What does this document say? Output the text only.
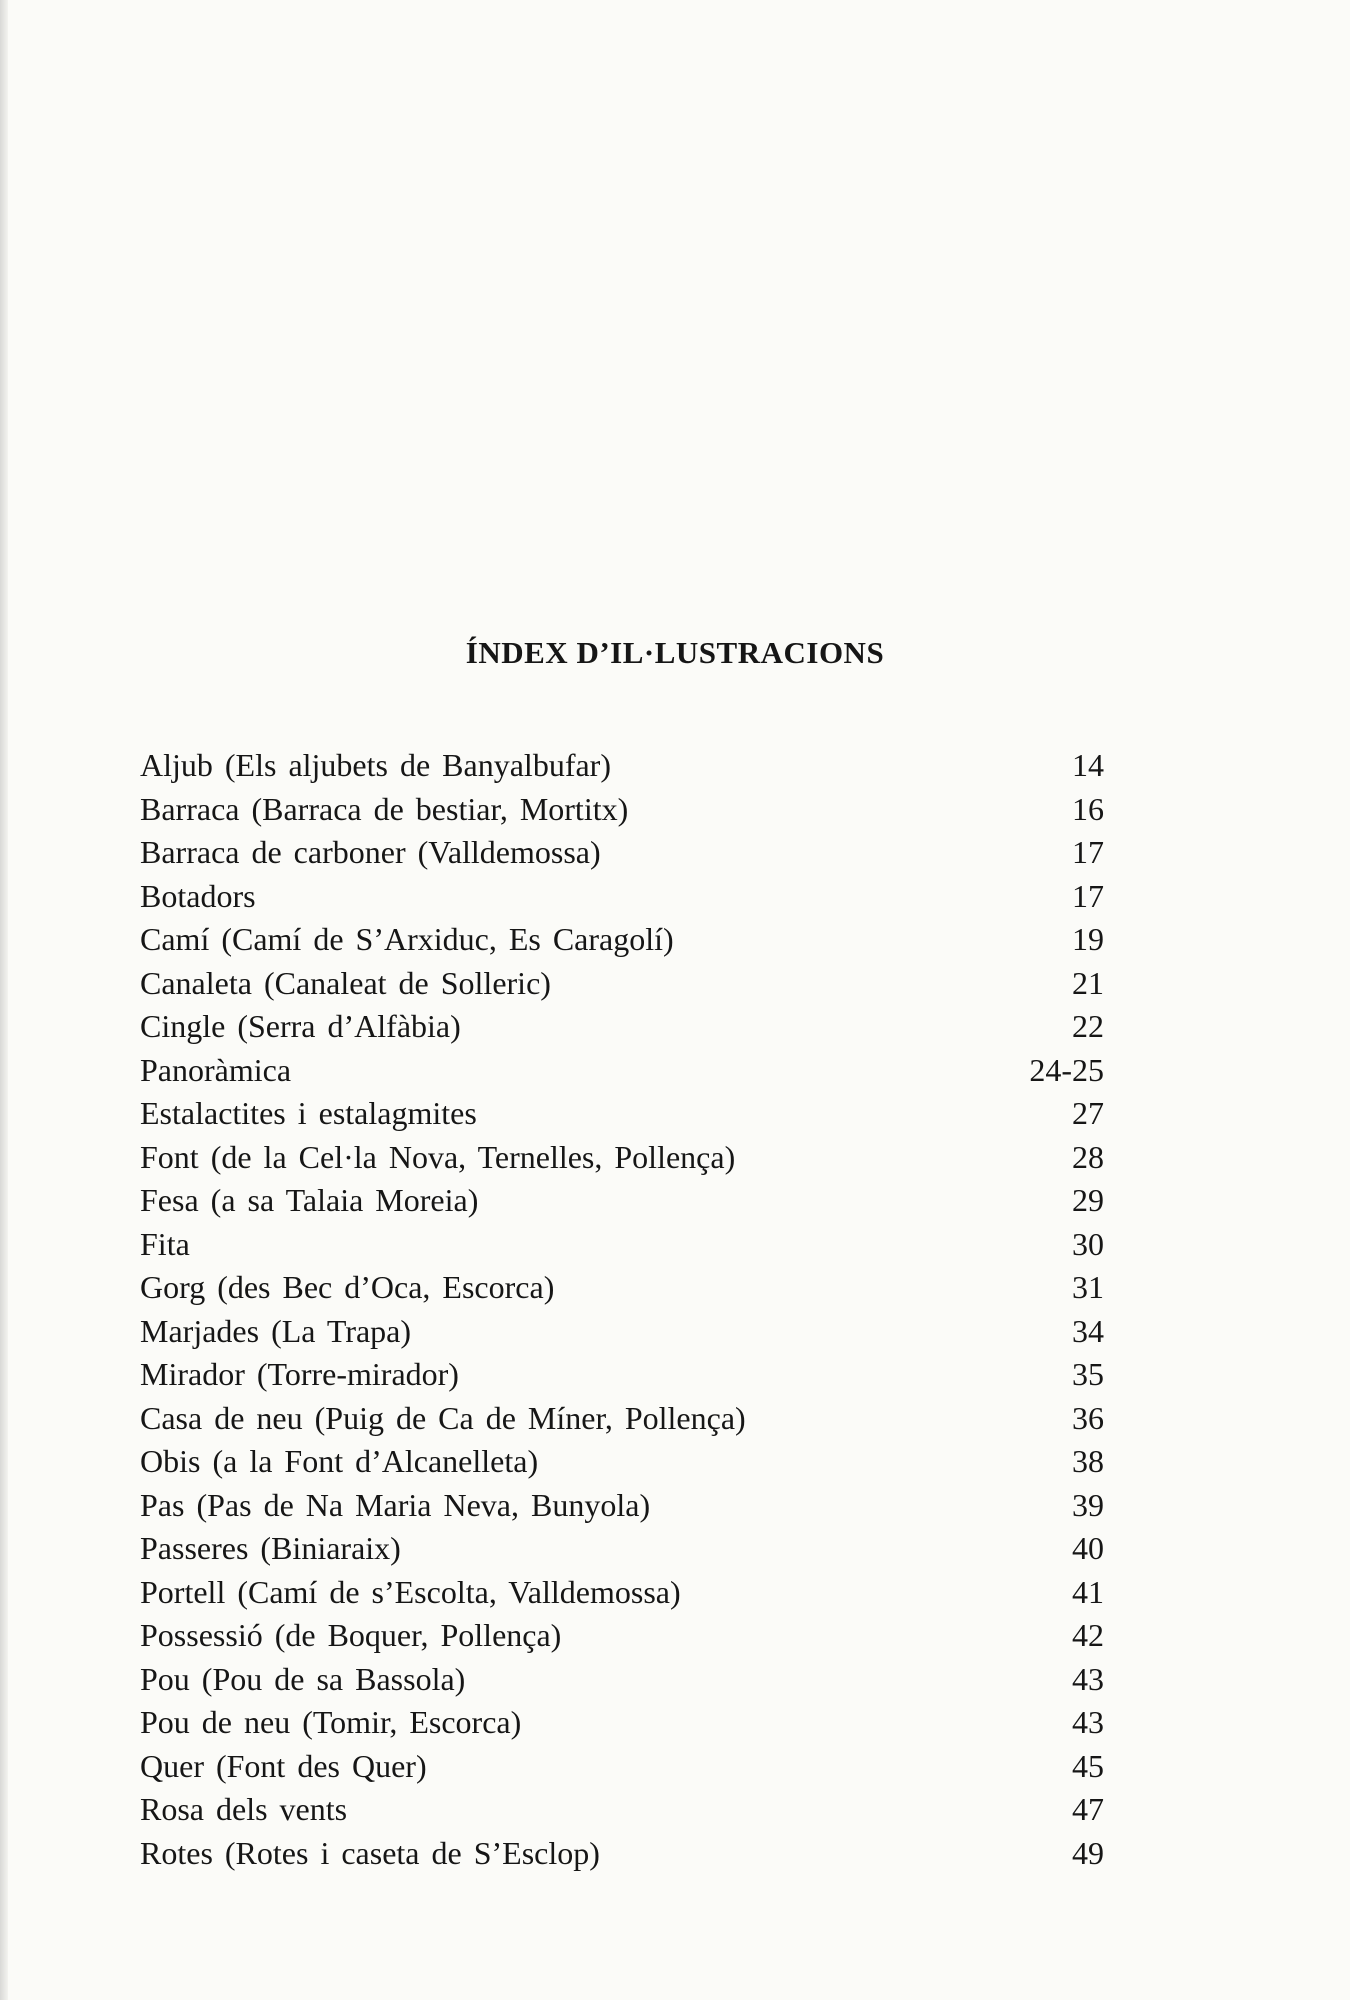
ÍNDEX D’IL·LUSTRACIONS
Aljub (Els aljubets de Banyalbufar)	14
Barraca (Barraca de bestiar, Mortitx)	16
Barraca de carboner (Valldemossa)	17
Botadors	17
Camí (Camí de S’Arxiduc, Es Caragolí)	19
Canaleta (Canaleat de Solleric)	21
Cingle (Serra d’Alfàbia)	22
Panoràmica	24-25
Estalactites i estalagmites	27
Font (de la Cel·la Nova, Ternelles, Pollença)	28
Fesa (a sa Talaia Moreia)	29
Fita	30
Gorg (des Bec d’Oca, Escorca)	31
Marjades (La Trapa)	34
Mirador (Torre-mirador)	35
Casa de neu (Puig de Ca de Míner, Pollença)	36
Obis (a la Font d’Alcanelleta)	38
Pas (Pas de Na Maria Neva, Bunyola)	39
Passeres (Biniaraix)	40
Portell (Camí de s’Escolta, Valldemossa)	41
Possessió (de Boquer, Pollença)	42
Pou (Pou de sa Bassola)	43
Pou de neu (Tomir, Escorca)	43
Quer (Font des Quer)	45
Rosa dels vents	47
Rotes (Rotes i caseta de S’Esclop)	49
